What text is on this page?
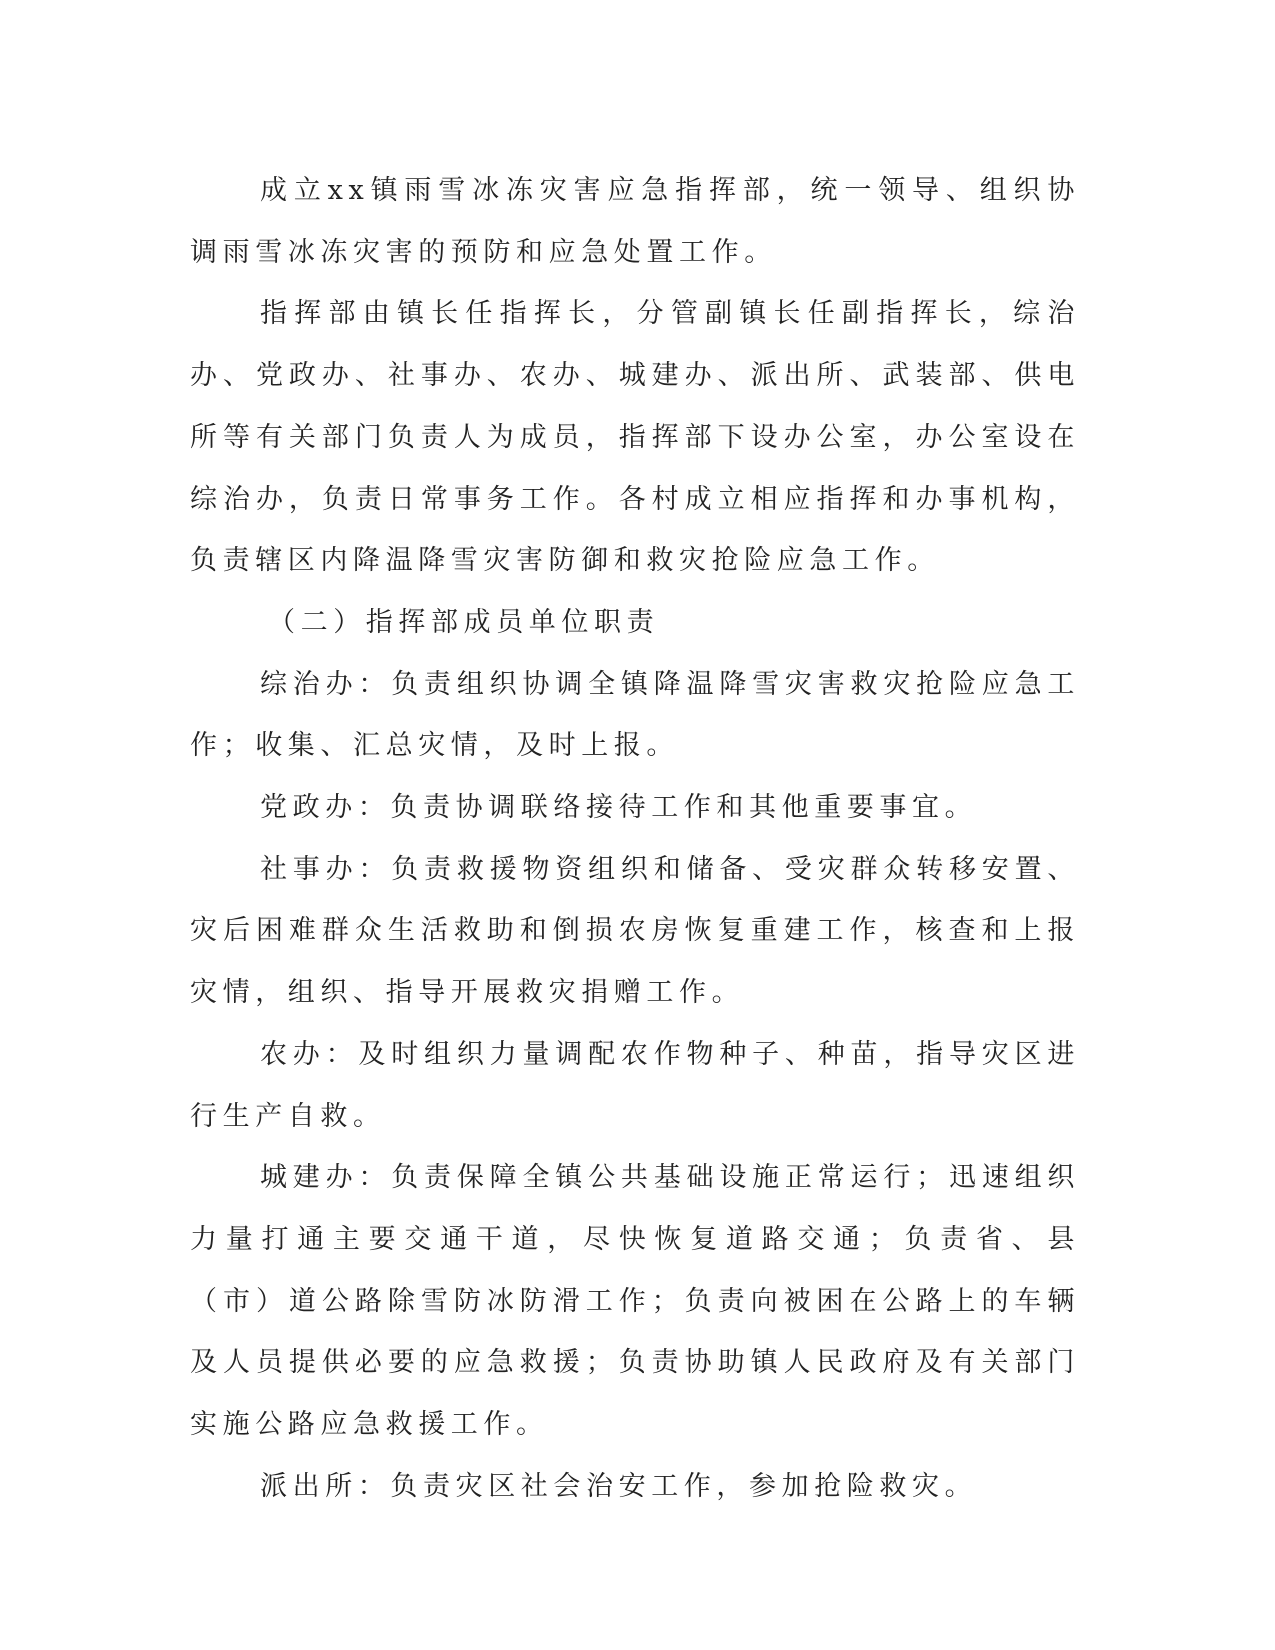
成立xx镇雨雪冰冻灾害应急指挥部，统一领导、组织协调雨雪冰冻灾害的预防和应急处置工作。

指挥部由镇长任指挥长，分管副镇长任副指挥长，综治办、党政办、社事办、农办、城建办、派出所、武装部、供电所等有关部门负责人为成员，指挥部下设办公室，办公室设在综治办，负责日常事务工作。各村成立相应指挥和办事机构，负责辖区内降温降雪灾害防御和救灾抢险应急工作。

（二）指挥部成员单位职责

综治办：负责组织协调全镇降温降雪灾害救灾抢险应急工作；收集、汇总灾情，及时上报。

党政办：负责协调联络接待工作和其他重要事宜。

社事办：负责救援物资组织和储备、受灾群众转移安置、灾后困难群众生活救助和倒损农房恢复重建工作，核查和上报灾情，组织、指导开展救灾捐赠工作。

农办：及时组织力量调配农作物种子、种苗，指导灾区进行生产自救。

城建办：负责保障全镇公共基础设施正常运行；迅速组织力量打通主要交通干道，尽快恢复道路交通；负责省、县（市）道公路除雪防冰防滑工作；负责向被困在公路上的车辆及人员提供必要的应急救援；负责协助镇人民政府及有关部门实施公路应急救援工作。

派出所：负责灾区社会治安工作，参加抢险救灾。
